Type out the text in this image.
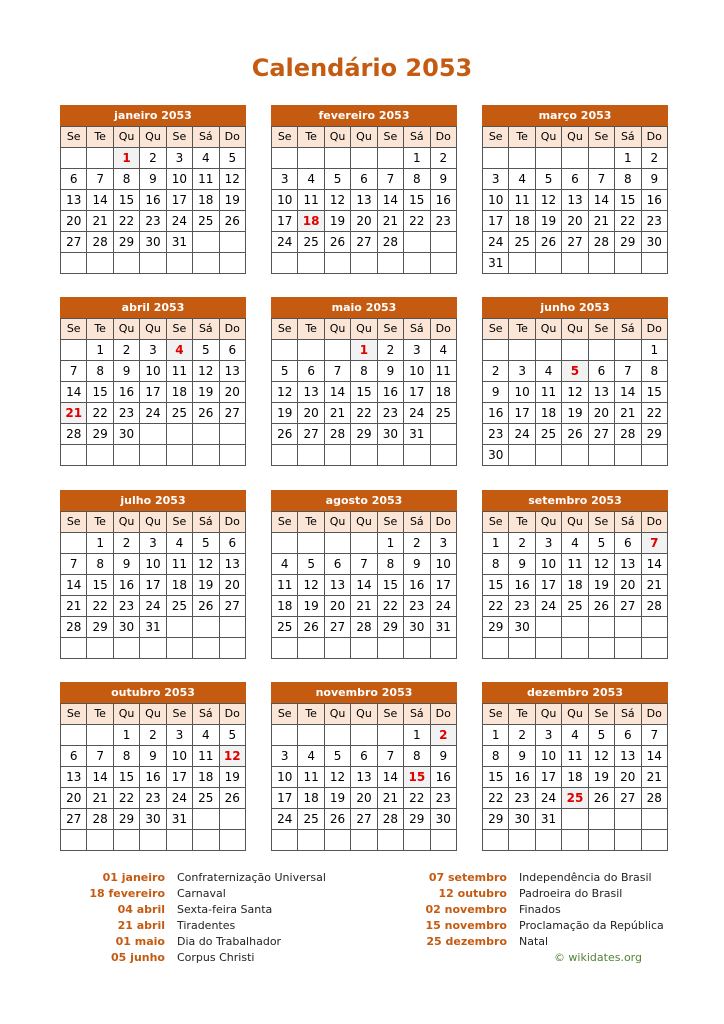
Calendário 2053
janeiro 2053
Se	Te	Qu	Qu	Se	Sá	Do
		1	2	3	4	5
6	7	8	9	10	11	12
13	14	15	16	17	18	19
20	21	22	23	24	25	26
27	28	29	30	31		

fevereiro 2053
Se	Te	Qu	Qu	Se	Sá	Do
					1	2
3	4	5	6	7	8	9
10	11	12	13	14	15	16
17	18	19	20	21	22	23
24	25	26	27	28		

março 2053
Se	Te	Qu	Qu	Se	Sá	Do
					1	2
3	4	5	6	7	8	9
10	11	12	13	14	15	16
17	18	19	20	21	22	23
24	25	26	27	28	29	30
31						
abril 2053
Se	Te	Qu	Qu	Se	Sá	Do
	1	2	3	4	5	6
7	8	9	10	11	12	13
14	15	16	17	18	19	20
21	22	23	24	25	26	27
28	29	30				

maio 2053
Se	Te	Qu	Qu	Se	Sá	Do
			1	2	3	4
5	6	7	8	9	10	11
12	13	14	15	16	17	18
19	20	21	22	23	24	25
26	27	28	29	30	31	

junho 2053
Se	Te	Qu	Qu	Se	Sá	Do
						1
2	3	4	5	6	7	8
9	10	11	12	13	14	15
16	17	18	19	20	21	22
23	24	25	26	27	28	29
30						
julho 2053
Se	Te	Qu	Qu	Se	Sá	Do
	1	2	3	4	5	6
7	8	9	10	11	12	13
14	15	16	17	18	19	20
21	22	23	24	25	26	27
28	29	30	31			

agosto 2053
Se	Te	Qu	Qu	Se	Sá	Do
				1	2	3
4	5	6	7	8	9	10
11	12	13	14	15	16	17
18	19	20	21	22	23	24
25	26	27	28	29	30	31

setembro 2053
Se	Te	Qu	Qu	Se	Sá	Do
1	2	3	4	5	6	7
8	9	10	11	12	13	14
15	16	17	18	19	20	21
22	23	24	25	26	27	28
29	30					

outubro 2053
Se	Te	Qu	Qu	Se	Sá	Do
		1	2	3	4	5
6	7	8	9	10	11	12
13	14	15	16	17	18	19
20	21	22	23	24	25	26
27	28	29	30	31		

novembro 2053
Se	Te	Qu	Qu	Se	Sá	Do
					1	2
3	4	5	6	7	8	9
10	11	12	13	14	15	16
17	18	19	20	21	22	23
24	25	26	27	28	29	30

dezembro 2053
Se	Te	Qu	Qu	Se	Sá	Do
1	2	3	4	5	6	7
8	9	10	11	12	13	14
15	16	17	18	19	20	21
22	23	24	25	26	27	28
29	30	31				

01 janeiro Confraternização Universal
18 fevereiro Carnaval
04 abril Sexta-feira Santa
21 abril Tiradentes
01 maio Dia do Trabalhador
05 junho Corpus Christi
07 setembro Independência do Brasil
12 outubro Padroeira do Brasil
02 novembro Finados
15 novembro Proclamação da República
25 dezembro Natal
© wikidates.org
